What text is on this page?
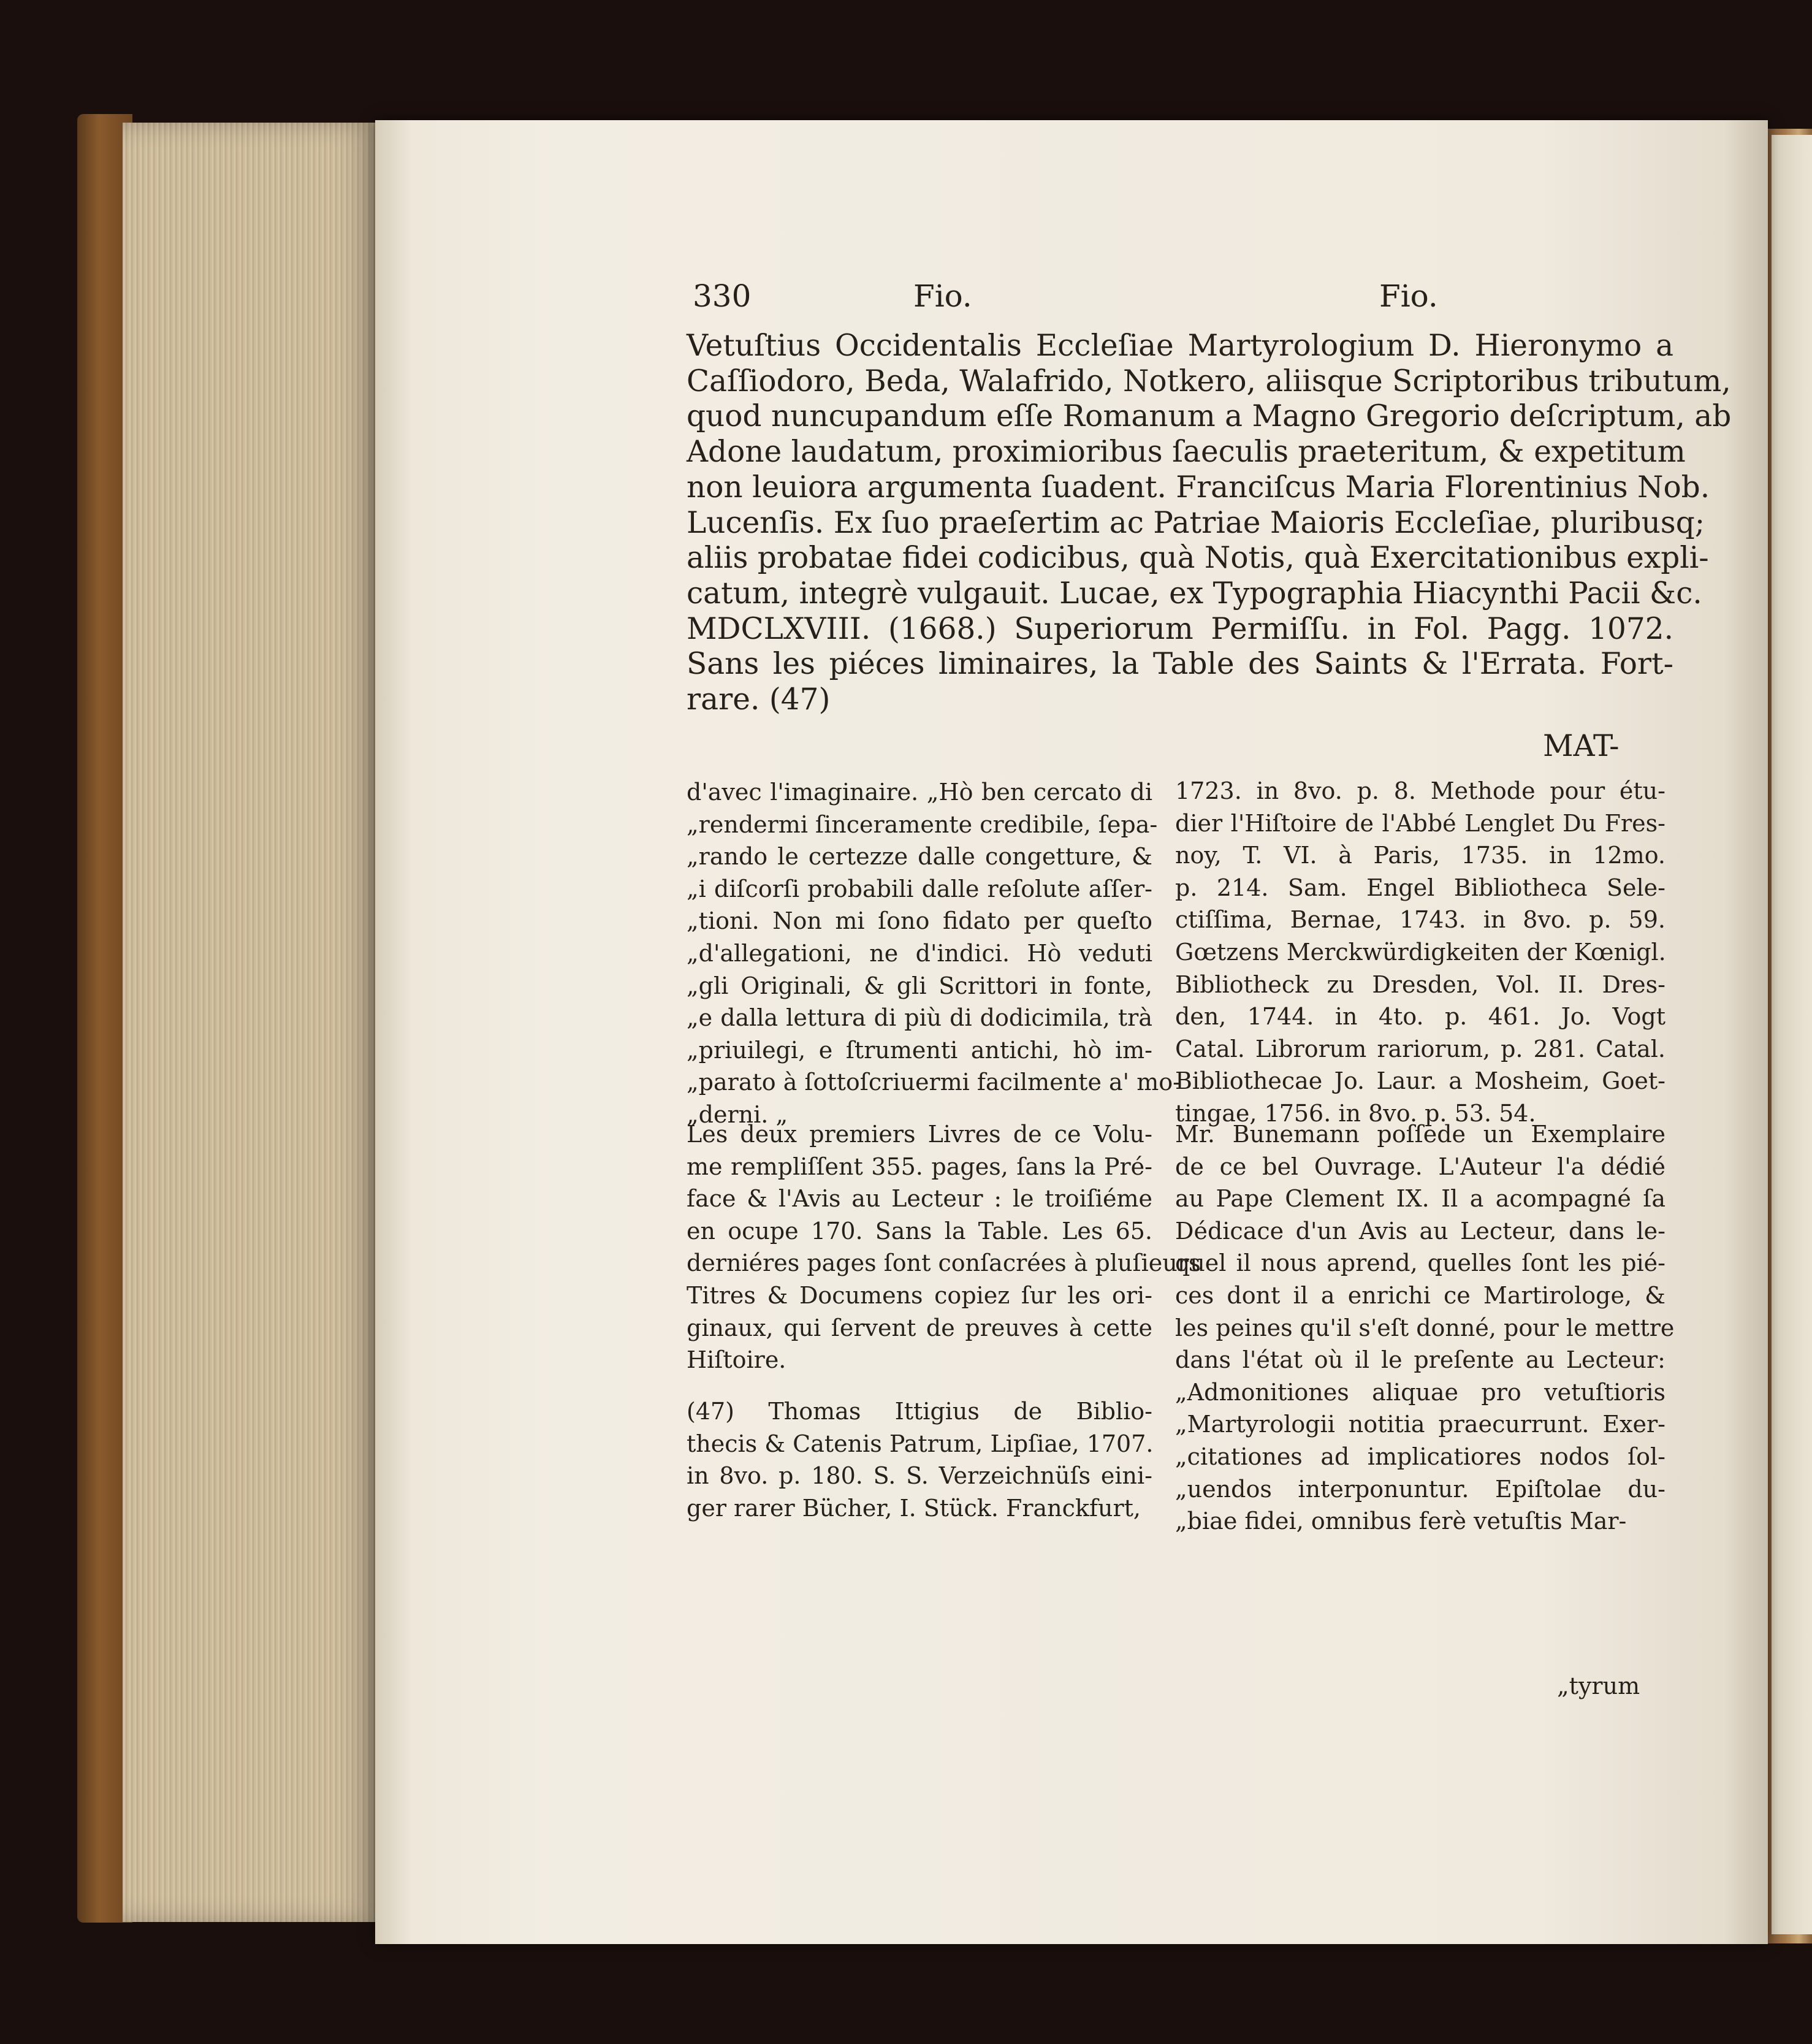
330	Fio.	Fio.
Vetuſtius Occidentalis Eccleſiae Martyrologium D. Hieronymo a
Caſſiodoro, Beda, Walafrido, Notkero, aliisque Scriptoribus tributum,
quod nuncupandum eſſe Romanum a Magno Gregorio deſcriptum, ab
Adone laudatum, proximioribus ſaeculis praeteritum, & expetitum
non leuiora argumenta ſuadent. Franciſcus Maria Florentinius Nob.
Lucenſis. Ex ſuo praeſertim ac Patriae Maioris Eccleſiae, pluribusq;
aliis probatae fidei codicibus, quà Notis, quà Exercitationibus expli-
catum, integrè vulgauit. Lucae, ex Typographia Hiacynthi Pacii &c.
MDCLXVIII. (1668.) Superiorum Permiſſu. in Fol. Pagg. 1072.
Sans les piéces liminaires, la Table des Saints & l'Errata. Fort-
rare. (47)
MAT-
d'avec l'imaginaire. „Hò ben cercato di
„rendermi ſinceramente credibile, ſepa-
„rando le certezze dalle congetture, &
„i diſcorſi probabili dalle reſolute aſſer-
„tioni. Non mi ſono fidato per queſto
„d'allegationi, ne d'indici. Hò veduti
„gli Originali, & gli Scrittori in fonte,
„e dalla lettura di più di dodicimila, trà
„priuilegi, e ſtrumenti antichi, hò im-
„parato à ſottoſcriuermi facilmente a' mo-
„derni. „
Les deux premiers Livres de ce Volu-
me rempliſſent 355. pages, ſans la Pré-
face & l'Avis au Lecteur : le troiſiéme
en ocupe 170. Sans la Table. Les 65.
derniéres pages ſont conſacrées à pluſieurs
Titres & Documens copiez ſur les ori-
ginaux, qui ſervent de preuves à cette
Hiſtoire.
(47) Thomas Ittigius de Biblio-
thecis & Catenis Patrum, Lipſiae, 1707.
in 8vo. p. 180. S. S. Verzeichnüſs eini-
ger rarer Bücher, I. Stück. Franckfurt,
1723. in 8vo. p. 8. Methode pour étu-
dier l'Hiſtoire de l'Abbé Lenglet Du Fres-
noy, T. VI. à Paris, 1735. in 12mo.
p. 214. Sam. Engel Bibliotheca Sele-
ctiſſima, Bernae, 1743. in 8vo. p. 59.
Gœtzens Merckwürdigkeiten der Kœnigl.
Bibliotheck zu Dresden, Vol. II. Dres-
den, 1744. in 4to. p. 461. Jo. Vogt
Catal. Librorum rariorum, p. 281. Catal.
Bibliothecae Jo. Laur. a Mosheim, Goet-
tingae, 1756. in 8vo. p. 53. 54.
Mr. Bunemann poſſede un Exemplaire
de ce bel Ouvrage. L'Auteur l'a dédié
au Pape Clement IX. Il a acompagné ſa
Dédicace d'un Avis au Lecteur, dans le-
quel il nous aprend, quelles ſont les pié-
ces dont il a enrichi ce Martirologe, &
les peines qu'il s'eſt donné, pour le mettre
dans l'état où il le preſente au Lecteur:
„Admonitiones aliquae pro vetuſtioris
„Martyrologii notitia praecurrunt. Exer-
„citationes ad implicatiores nodos ſol-
„uendos interponuntur. Epiſtolae du-
„biae fidei, omnibus ferè vetuſtis Mar-
„tyrum
